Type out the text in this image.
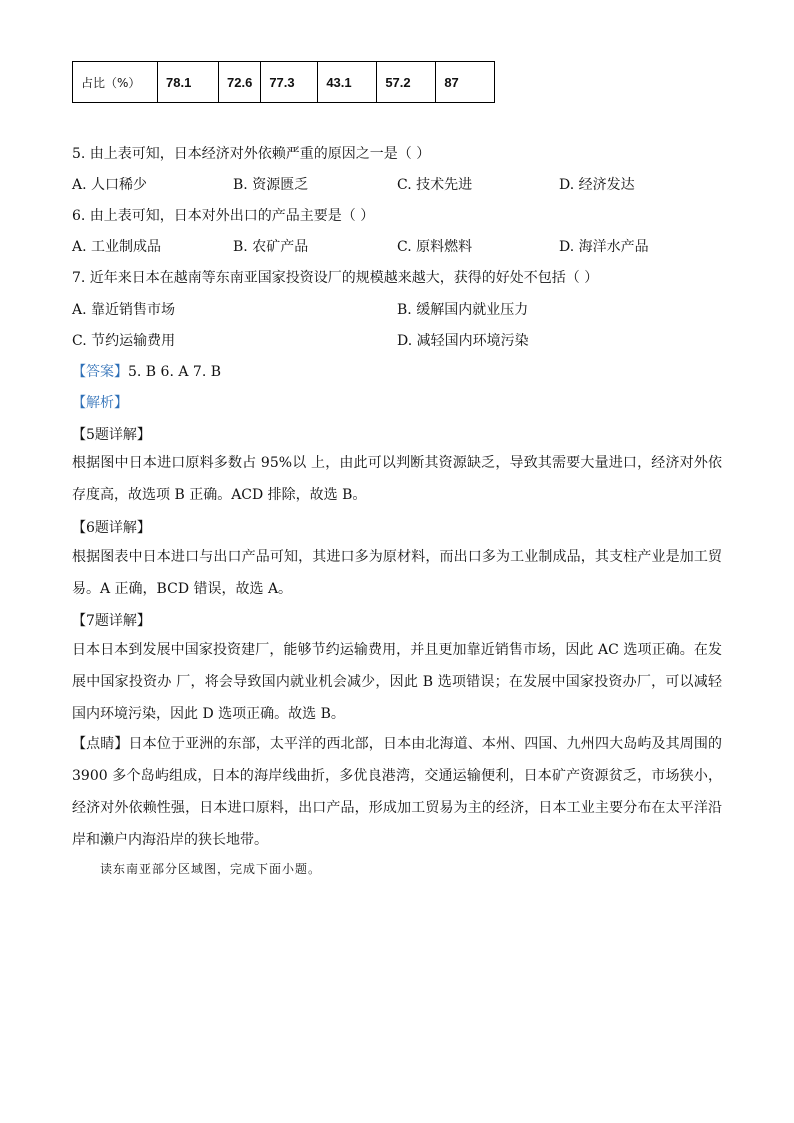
占比（%）	78.1	72.6	77.3	43.1	57.2	87
5. 由上表可知，日本经济对外依赖严重的原因之一是（ ）
A. 人口稀少	B. 资源匮乏	C. 技术先进	D. 经济发达
6. 由上表可知，日本对外出口的产品主要是（ ）
A. 工业制成品	B. 农矿产品	C. 原料燃料	D. 海洋水产品
7. 近年来日本在越南等东南亚国家投资设厂的规模越来越大，获得的好处不包括（ ）
A. 靠近销售市场	B. 缓解国内就业压力
C. 节约运输费用	D. 减轻国内环境污染
【答案】5. B 6. A 7. B
【解析】
【5题详解】
根据图中日本进口原料多数占 95%以 上，由此可以判断其资源缺乏，导致其需要大量进口，经济对外依存度高，故选项 B 正确。ACD 排除，故选 B。
【6题详解】
根据图表中日本进口与出口产品可知，其进口多为原材料，而出口多为工业制成品，其支柱产业是加工贸易。A 正确，BCD 错误，故选 A。
【7题详解】
日本日本到发展中国家投资建厂，能够节约运输费用，并且更加靠近销售市场，因此 AC 选项正确。在发展中国家投资办 厂，将会导致国内就业机会减少，因此 B 选项错误；在发展中国家投资办厂，可以减轻国内环境污染，因此 D 选项正确。故选 B。
【点睛】日本位于亚洲的东部，太平洋的西北部，日本由北海道、本州、四国、九州四大岛屿及其周围的 3900 多个岛屿组成，日本的海岸线曲折，多优良港湾，交通运输便利，日本矿产资源贫乏，市场狭小，经济对外依赖性强，日本进口原料，出口产品，形成加工贸易为主的经济，日本工业主要分布在太平洋沿岸和濑户内海沿岸的狭长地带。
读东南亚部分区域图，完成下面小题。
